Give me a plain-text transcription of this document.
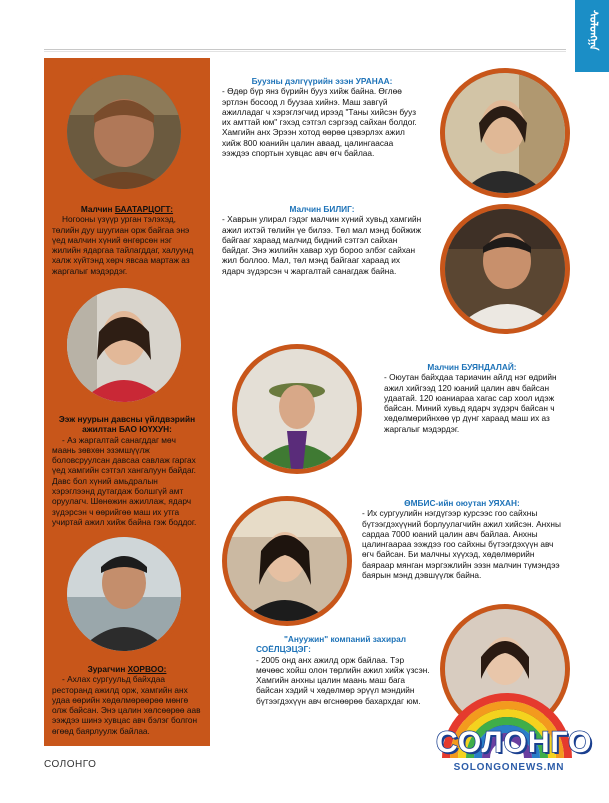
ᠰᠣᠯᠣᠩᠭ᠋ᠠ
Малчин БААТАРЦОГТ:

Ногооны үзүүр урган тэлэхэд, төлийн дуу шуугиан орж байгаа энэ үед малчин хүний өнгөрсөн нэг жилийн ядаргаа тайлагддаг, халуунд халж хүйтэнд хөрч явсаа мартаж аз жаргалыг мэдэрдэг.

Ээж нуурын давсны үйлдвэрийн ажилтан БАО ЮҮХУН:

- Аз жаргалтай санагддаг мөч маань зөвхөн эзэмшүүлж боловсруулсан давсаа савлаж гаргах үед хамгийн сэтгэл хангалуун байдаг. Давс бол хүний амьдралын хэрэглээнд дутагдаж болшгүй амт оруулагч. Шөнөжин ажиллаж, ядарч зүдэрсэн ч өөрийгөө маш их утга учиртай ажил хийж байна гэж боддог.

Зурагчин ХОРВОО:

- Ахлах сургуульд байхдаа ресторанд ажилд орж, хамгийн анх удаа өөрийн хөдөлмөрөөрөө мөнгө олж байсан. Энэ цалин хөлсөөрөө аав ээждээ шинэ хувцас авч бэлэг болгон өгөөд баярлуулж байлаа.

Буузны дэлгүүрийн эзэн УРАНАА:

- Өдөр бүр янз бүрийн бууз хийж байна. Өглөө эртлэн босоод л буузаа хийнэ. Маш завгүй ажилладаг ч хэрэглэгчид ирээд "Таны хийсэн бууз их амттай юм" гэхэд сэтгэл сэргээд сайхан болдог. Хамгийн анх Эрээн хотод өөрөө цэвэрлэх ажил хийж 800 юанийн цалин аваад, цалингаасаа ээждээ спортын хувцас авч өгч байлаа.

Малчин БИЛИГ:

- Хаврын улирал гэдэг малчин хүний хувьд хамгийн ажил ихтэй төлийн үе билээ. Төл мал мэнд бойжиж байгааг хараад малчид бидний сэтгэл сайхан байдаг. Энэ жилийн хавар хур бороо элбэг сайхан жил боллоо. Мал, төл мэнд байгааг хараад их ядарч зүдэрсэн ч жаргалтай санагдаж байна.

Малчин БУЯНДАЛАЙ:

- Оюутан байхдаа тариачин айлд нэг өдрийн ажил хийгээд 120 юаний цалин авч байсан удаатай. 120 юаниараа хагас сар хоол идэж байсан. Миний хувьд ядарч зүдэрч байсан ч хөдөлмөрийнхөө үр дүнг хараад маш их аз жаргалыг мэдэрдэг.

ӨМБИС-ийн оюутан УЯХАН:

- Их сургуулийн нэгдүгээр курсээс гоо сайхны бүтээгдэхүүний борлуулагчийн ажил хийсэн. Анхны сардаа 7000 юаний цалин авч байлаа. Анхны цалингаараа ээждээ гоо сайхны бүтээгдэхүүн авч өгч байсан. Би малчны хүүхэд, хөдөлмөрийн баяраар мянган мэргэжлийн ээзн малчин түмэндээ баярын мэнд дэвшүүлж байна.

"Ануужин" компаний захирал
СОЁЛЦЭЦЭГ:

- 2005 онд анх ажилд орж байлаа. Тэр мөчөөс хойш олон төрлийн ажил хийж үзсэн. Хамгийн анхны цалин маань маш бага байсан хэдий ч хөдөлмөр эрүүл мэндийн бүтээгдэхүүн авч өгснөөрөө бахархдаг юм.

СОЛОНГО
SOLONGONEWS.MN
СОЛОНГО
